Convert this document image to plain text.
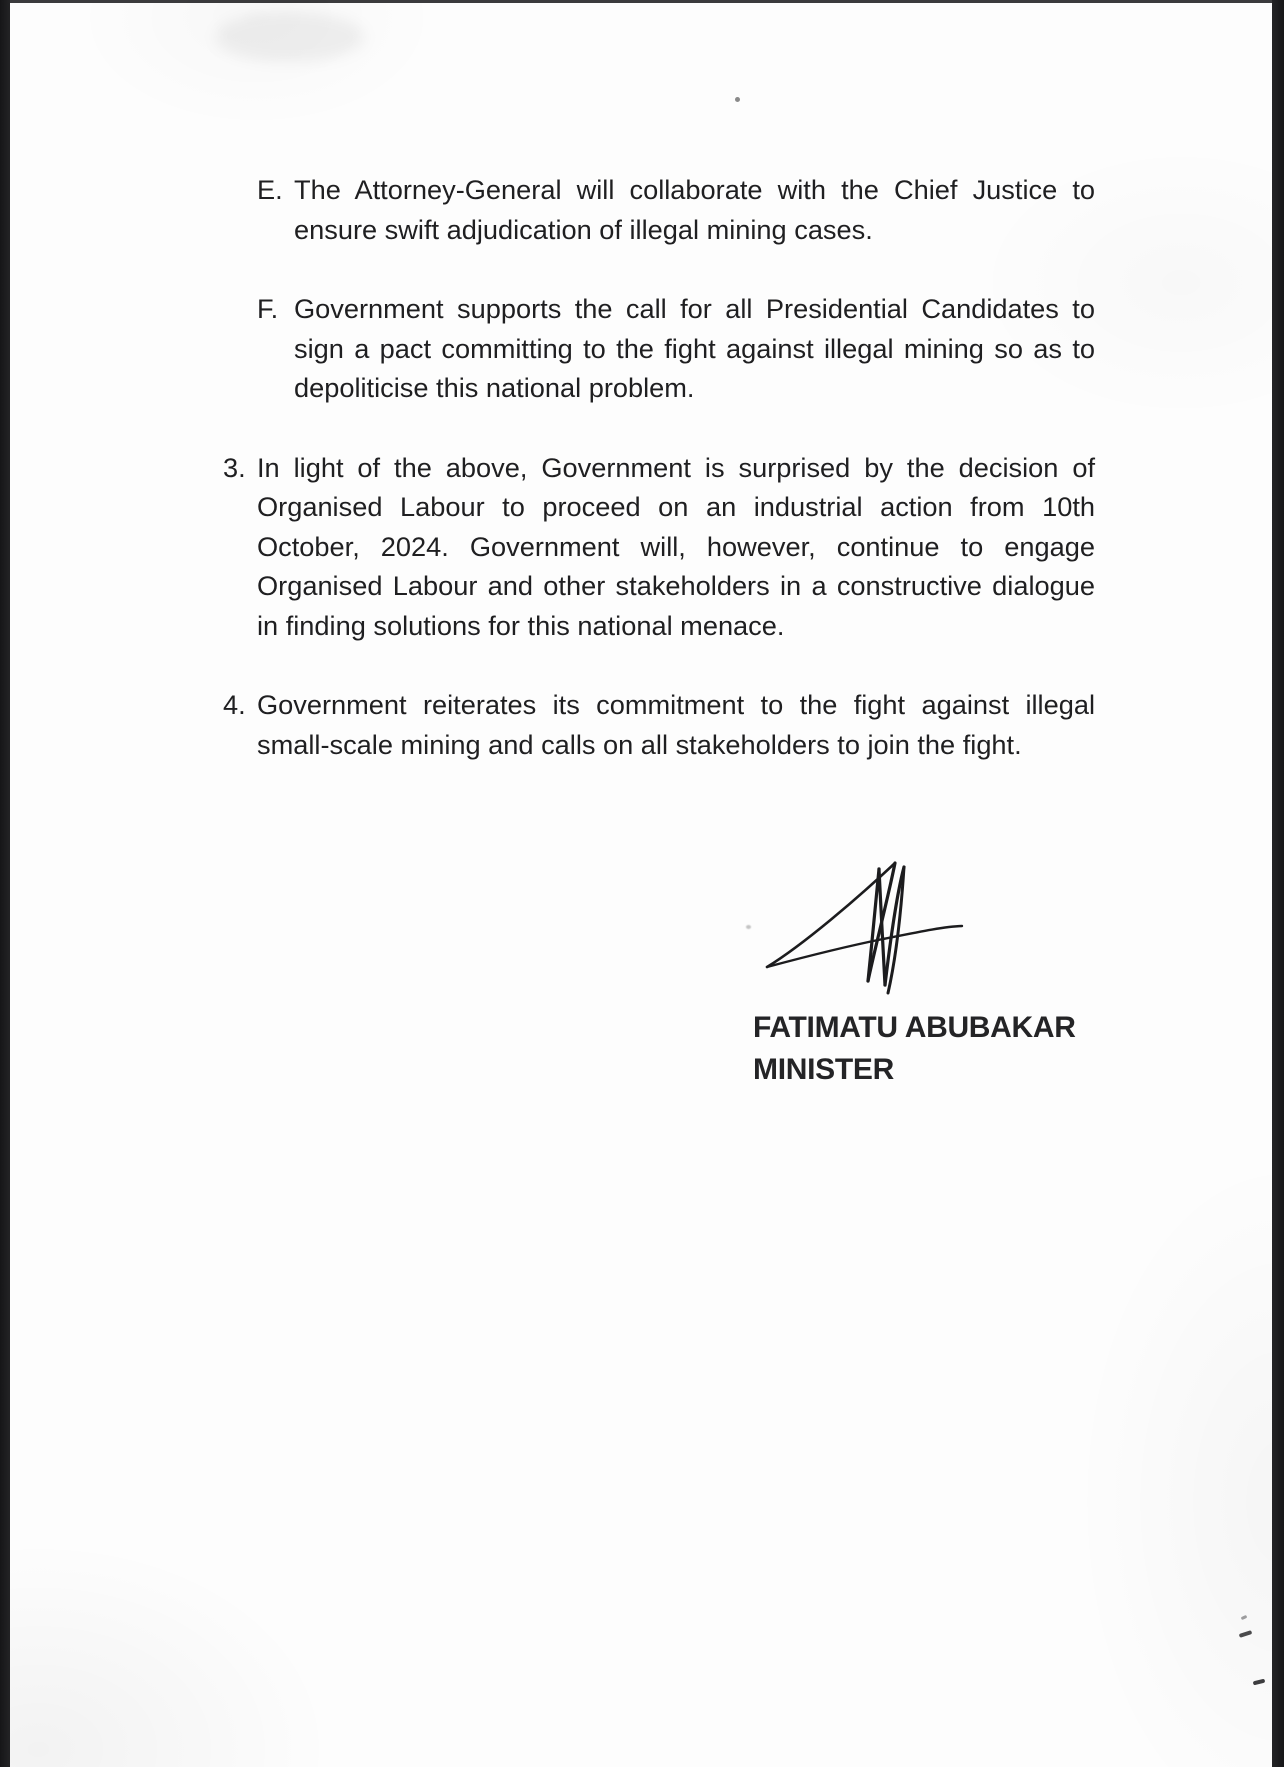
E. The Attorney-General will collaborate with the Chief Justice to ensure swift adjudication of illegal mining cases.
F. Government supports the call for all Presidential Candidates to sign a pact committing to the fight against illegal mining so as to depoliticise this national problem.
3. In light of the above, Government is surprised by the decision of Organised Labour to proceed on an industrial action from 10th October, 2024. Government will, however, continue to engage Organised Labour and other stakeholders in a constructive dialogue in finding solutions for this national menace.
4. Government reiterates its commitment to the fight against illegal small-scale mining and calls on all stakeholders to join the fight.
FATIMATU ABUBAKAR
MINISTER
